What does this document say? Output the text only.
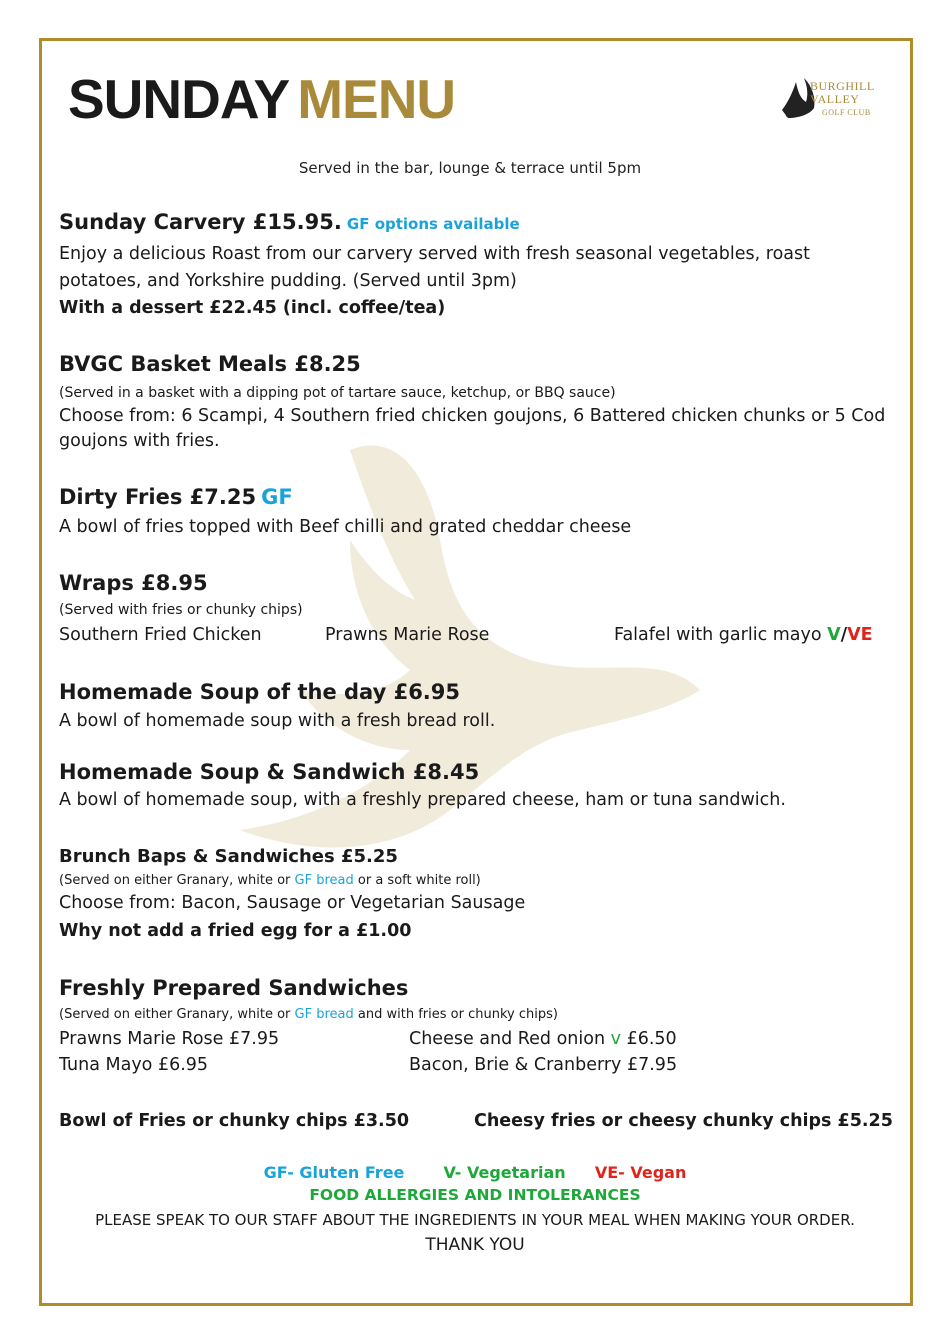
SUNDAY MENU	BURGHILL
VALLEY
GOLF CLUB
Served in the bar, lounge & terrace until 5pm
Sunday Carvery £15.95. GF options available
Enjoy a delicious Roast from our carvery served with fresh seasonal vegetables, roast
potatoes, and Yorkshire pudding. (Served until 3pm)
With a dessert £22.45 (incl. coffee/tea)
BVGC Basket Meals £8.25
(Served in a basket with a dipping pot of tartare sauce, ketchup, or BBQ sauce)
Choose from: 6 Scampi, 4 Southern fried chicken goujons, 6 Battered chicken chunks or 5 Cod
goujons with fries.
Dirty Fries £7.25 GF
A bowl of fries topped with Beef chilli and grated cheddar cheese
Wraps £8.95
(Served with fries or chunky chips)
Southern Fried Chicken	Prawns Marie Rose	Falafel with garlic mayo V/VE
Homemade Soup of the day £6.95
A bowl of homemade soup with a fresh bread roll.
Homemade Soup & Sandwich £8.45
A bowl of homemade soup, with a freshly prepared cheese, ham or tuna sandwich.
Brunch Baps & Sandwiches £5.25
(Served on either Granary, white or GF bread or a soft white roll)
Choose from: Bacon, Sausage or Vegetarian Sausage
Why not add a fried egg for a £1.00
Freshly Prepared Sandwiches
(Served on either Granary, white or GF bread and with fries or chunky chips)
Prawns Marie Rose £7.95	Cheese and Red onion v £6.50
Tuna Mayo £6.95	Bacon, Brie & Cranberry £7.95
Bowl of Fries or chunky chips £3.50	Cheesy fries or cheesy chunky chips £5.25
GF- Gluten Free V- Vegetarian VE- Vegan
FOOD ALLERGIES AND INTOLERANCES
PLEASE SPEAK TO OUR STAFF ABOUT THE INGREDIENTS IN YOUR MEAL WHEN MAKING YOUR ORDER.
THANK YOU
